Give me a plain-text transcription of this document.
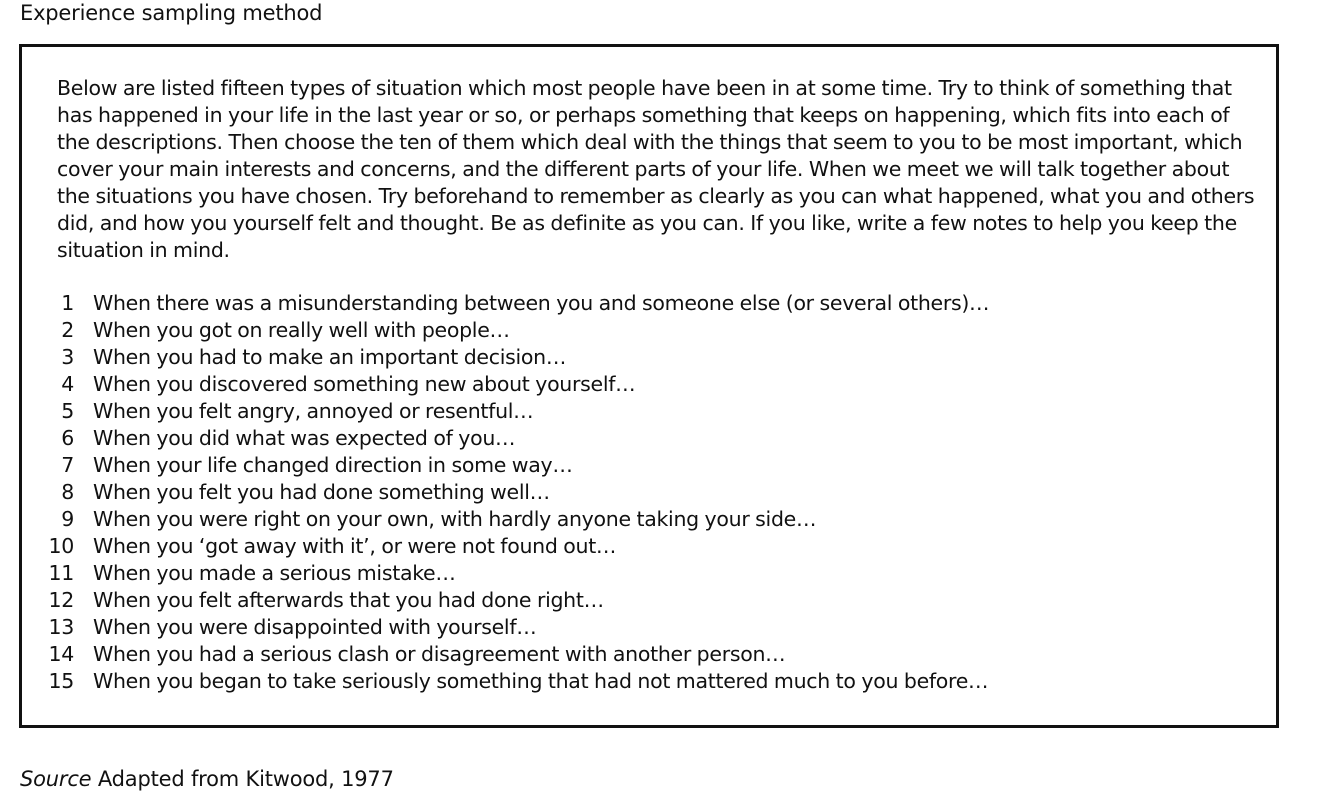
Experience sampling method
Below are listed fifteen types of situation which most people have been in at some time. Try to think of something that has happened in your life in the last year or so, or perhaps something that keeps on happening, which fits into each of the descriptions. Then choose the ten of them which deal with the things that seem to you to be most important, which cover your main interests and concerns, and the different parts of your life. When we meet we will talk together about the situations you have chosen. Try beforehand to remember as clearly as you can what happened, what you and others did, and how you yourself felt and thought. Be as definite as you can. If you like, write a few notes to help you keep the situation in mind.
1 When there was a misunderstanding between you and someone else (or several others)…
2 When you got on really well with people…
3 When you had to make an important decision…
4 When you discovered something new about yourself…
5 When you felt angry, annoyed or resentful…
6 When you did what was expected of you…
7 When your life changed direction in some way…
8 When you felt you had done something well…
9 When you were right on your own, with hardly anyone taking your side…
10 When you ‘got away with it’, or were not found out…
11 When you made a serious mistake…
12 When you felt afterwards that you had done right…
13 When you were disappointed with yourself…
14 When you had a serious clash or disagreement with another person…
15 When you began to take seriously something that had not mattered much to you before…
Source Adapted from Kitwood, 1977
